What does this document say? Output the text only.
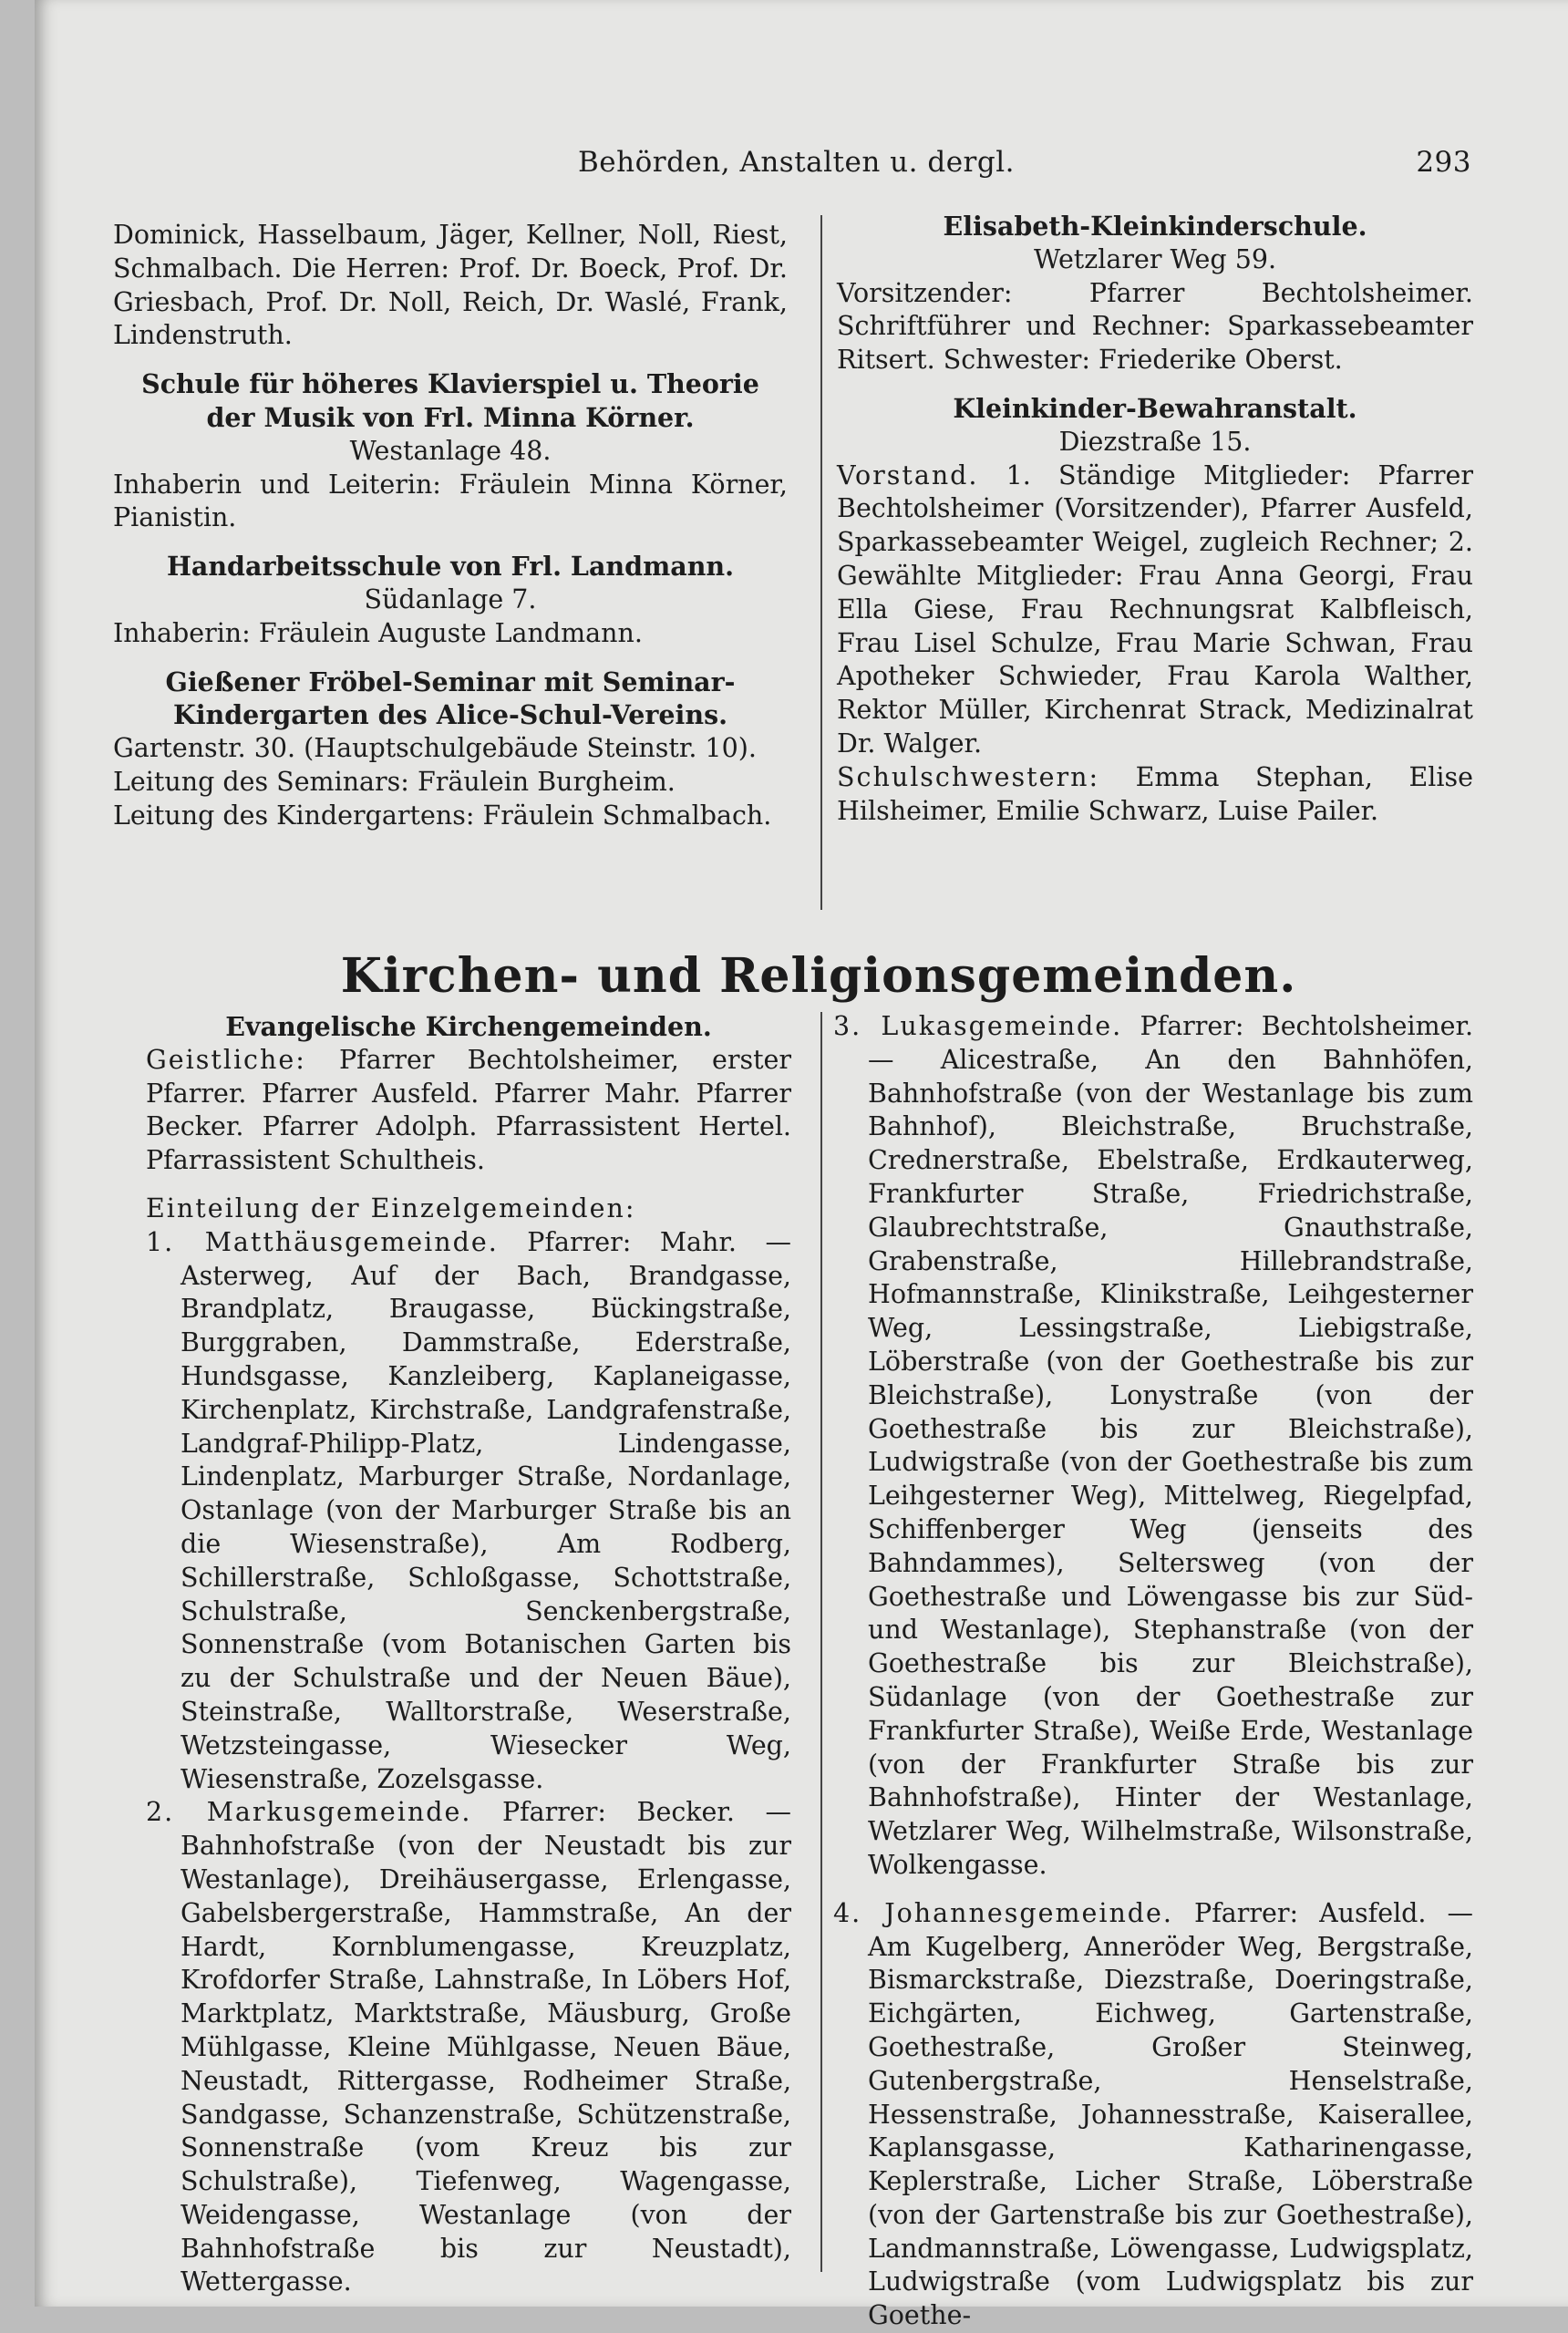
Behörden, Anstalten u. dergl.	293

Dominick, Hasselbaum, Jäger, Kellner, Noll, Riest, Schmalbach. Die Herren: Prof. Dr. Boeck, Prof. Dr. Griesbach, Prof. Dr. Noll, Reich, Dr. Waslé, Frank, Lindenstruth.

Schule für höheres Klavierspiel u. Theorie der Musik von Frl. Minna Körner.

Westanlage 48.

Inhaberin und Leiterin: Fräulein Minna Körner, Pianistin.

Handarbeitsschule von Frl. Landmann.

Südanlage 7.

Inhaberin: Fräulein Auguste Landmann.

Gießener Fröbel-Seminar mit Seminar-Kindergarten des Alice-Schul-Vereins.

Gartenstr. 30. (Hauptschulgebäude Steinstr. 10).

Leitung des Seminars: Fräulein Burgheim.

Leitung des Kindergartens: Fräulein Schmalbach.

Elisabeth-Kleinkinderschule.

Wetzlarer Weg 59.

Vorsitzender: Pfarrer Bechtolsheimer. Schriftführer und Rechner: Sparkassebeamter Ritsert. Schwester: Friederike Oberst.

Kleinkinder-Bewahranstalt.

Diezstraße 15.

Vorstand. 1. Ständige Mitglieder: Pfarrer Bechtolsheimer (Vorsitzender), Pfarrer Ausfeld, Sparkassebeamter Weigel, zugleich Rechner; 2. Gewählte Mitglieder: Frau Anna Georgi, Frau Ella Giese, Frau Rechnungsrat Kalbfleisch, Frau Lisel Schulze, Frau Marie Schwan, Frau Apotheker Schwieder, Frau Karola Walther, Rektor Müller, Kirchenrat Strack, Medizinalrat Dr. Walger.

Schulschwestern: Emma Stephan, Elise Hilsheimer, Emilie Schwarz, Luise Pailer.

Kirchen- und Religionsgemeinden.

Evangelische Kirchengemeinden.

Geistliche: Pfarrer Bechtolsheimer, erster Pfarrer. Pfarrer Ausfeld. Pfarrer Mahr. Pfarrer Becker. Pfarrer Adolph. Pfarrassistent Hertel. Pfarrassistent Schultheis.

Einteilung der Einzelgemeinden:

1. Matthäusgemeinde. Pfarrer: Mahr. — Asterweg, Auf der Bach, Brandgasse, Brandplatz, Braugasse, Bückingstraße, Burggraben, Dammstraße, Ederstraße, Hundsgasse, Kanzleiberg, Kaplaneigasse, Kirchenplatz, Kirchstraße, Landgrafenstraße, Landgraf-Philipp-Platz, Lindengasse, Lindenplatz, Marburger Straße, Nordanlage, Ostanlage (von der Marburger Straße bis an die Wiesenstraße), Am Rodberg, Schillerstraße, Schloßgasse, Schottstraße, Schulstraße, Senckenbergstraße, Sonnenstraße (vom Botanischen Garten bis zu der Schulstraße und der Neuen Bäue), Steinstraße, Walltorstraße, Weserstraße, Wetzsteingasse, Wiesecker Weg, Wiesenstraße, Zozelsgasse.

2. Markusgemeinde. Pfarrer: Becker. — Bahnhofstraße (von der Neustadt bis zur Westanlage), Dreihäusergasse, Erlengasse, Gabelsbergerstraße, Hammstraße, An der Hardt, Kornblumengasse, Kreuzplatz, Krofdorfer Straße, Lahnstraße, In Löbers Hof, Marktplatz, Marktstraße, Mäusburg, Große Mühlgasse, Kleine Mühlgasse, Neuen Bäue, Neustadt, Rittergasse, Rodheimer Straße, Sandgasse, Schanzenstraße, Schützenstraße, Sonnenstraße (vom Kreuz bis zur Schulstraße), Tiefenweg, Wagengasse, Weidengasse, Westanlage (von der Bahnhofstraße bis zur Neustadt), Wettergasse.

3. Lukasgemeinde. Pfarrer: Bechtolsheimer. — Alicestraße, An den Bahnhöfen, Bahnhofstraße (von der Westanlage bis zum Bahnhof), Bleichstraße, Bruchstraße, Crednerstraße, Ebelstraße, Erdkauterweg, Frankfurter Straße, Friedrichstraße, Glaubrechtstraße, Gnauthstraße, Grabenstraße, Hillebrandstraße, Hofmannstraße, Klinikstraße, Leihgesterner Weg, Lessingstraße, Liebigstraße, Löberstraße (von der Goethestraße bis zur Bleichstraße), Lonystraße (von der Goethestraße bis zur Bleichstraße), Ludwigstraße (von der Goethestraße bis zum Leihgesterner Weg), Mittelweg, Riegelpfad, Schiffenberger Weg (jenseits des Bahndammes), Seltersweg (von der Goethestraße und Löwengasse bis zur Süd- und Westanlage), Stephanstraße (von der Goethestraße bis zur Bleichstraße), Südanlage (von der Goethestraße zur Frankfurter Straße), Weiße Erde, Westanlage (von der Frankfurter Straße bis zur Bahnhofstraße), Hinter der Westanlage, Wetzlarer Weg, Wilhelmstraße, Wilsonstraße, Wolkengasse.

4. Johannesgemeinde. Pfarrer: Ausfeld. — Am Kugelberg, Anneröder Weg, Bergstraße, Bismarckstraße, Diezstraße, Doeringstraße, Eichgärten, Eichweg, Gartenstraße, Goethestraße, Großer Steinweg, Gutenbergstraße, Henselstraße, Hessenstraße, Johannesstraße, Kaiserallee, Kaplansgasse, Katharinengasse, Keplerstraße, Licher Straße, Löberstraße (von der Gartenstraße bis zur Goethestraße), Landmannstraße, Löwengasse, Ludwigsplatz, Ludwigstraße (vom Ludwigsplatz bis zur Goethe-
